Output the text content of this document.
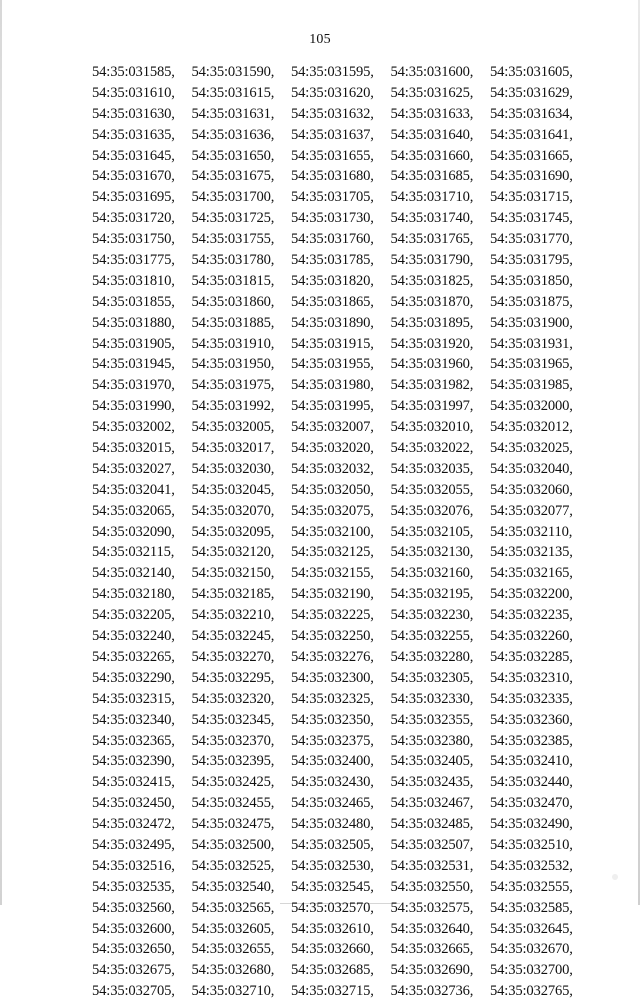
105
54:35:031585,	54:35:031590,	54:35:031595,	54:35:031600,	54:35:031605,
54:35:031610,	54:35:031615,	54:35:031620,	54:35:031625,	54:35:031629,
54:35:031630,	54:35:031631,	54:35:031632,	54:35:031633,	54:35:031634,
54:35:031635,	54:35:031636,	54:35:031637,	54:35:031640,	54:35:031641,
54:35:031645,	54:35:031650,	54:35:031655,	54:35:031660,	54:35:031665,
54:35:031670,	54:35:031675,	54:35:031680,	54:35:031685,	54:35:031690,
54:35:031695,	54:35:031700,	54:35:031705,	54:35:031710,	54:35:031715,
54:35:031720,	54:35:031725,	54:35:031730,	54:35:031740,	54:35:031745,
54:35:031750,	54:35:031755,	54:35:031760,	54:35:031765,	54:35:031770,
54:35:031775,	54:35:031780,	54:35:031785,	54:35:031790,	54:35:031795,
54:35:031810,	54:35:031815,	54:35:031820,	54:35:031825,	54:35:031850,
54:35:031855,	54:35:031860,	54:35:031865,	54:35:031870,	54:35:031875,
54:35:031880,	54:35:031885,	54:35:031890,	54:35:031895,	54:35:031900,
54:35:031905,	54:35:031910,	54:35:031915,	54:35:031920,	54:35:031931,
54:35:031945,	54:35:031950,	54:35:031955,	54:35:031960,	54:35:031965,
54:35:031970,	54:35:031975,	54:35:031980,	54:35:031982,	54:35:031985,
54:35:031990,	54:35:031992,	54:35:031995,	54:35:031997,	54:35:032000,
54:35:032002,	54:35:032005,	54:35:032007,	54:35:032010,	54:35:032012,
54:35:032015,	54:35:032017,	54:35:032020,	54:35:032022,	54:35:032025,
54:35:032027,	54:35:032030,	54:35:032032,	54:35:032035,	54:35:032040,
54:35:032041,	54:35:032045,	54:35:032050,	54:35:032055,	54:35:032060,
54:35:032065,	54:35:032070,	54:35:032075,	54:35:032076,	54:35:032077,
54:35:032090,	54:35:032095,	54:35:032100,	54:35:032105,	54:35:032110,
54:35:032115,	54:35:032120,	54:35:032125,	54:35:032130,	54:35:032135,
54:35:032140,	54:35:032150,	54:35:032155,	54:35:032160,	54:35:032165,
54:35:032180,	54:35:032185,	54:35:032190,	54:35:032195,	54:35:032200,
54:35:032205,	54:35:032210,	54:35:032225,	54:35:032230,	54:35:032235,
54:35:032240,	54:35:032245,	54:35:032250,	54:35:032255,	54:35:032260,
54:35:032265,	54:35:032270,	54:35:032276,	54:35:032280,	54:35:032285,
54:35:032290,	54:35:032295,	54:35:032300,	54:35:032305,	54:35:032310,
54:35:032315,	54:35:032320,	54:35:032325,	54:35:032330,	54:35:032335,
54:35:032340,	54:35:032345,	54:35:032350,	54:35:032355,	54:35:032360,
54:35:032365,	54:35:032370,	54:35:032375,	54:35:032380,	54:35:032385,
54:35:032390,	54:35:032395,	54:35:032400,	54:35:032405,	54:35:032410,
54:35:032415,	54:35:032425,	54:35:032430,	54:35:032435,	54:35:032440,
54:35:032450,	54:35:032455,	54:35:032465,	54:35:032467,	54:35:032470,
54:35:032472,	54:35:032475,	54:35:032480,	54:35:032485,	54:35:032490,
54:35:032495,	54:35:032500,	54:35:032505,	54:35:032507,	54:35:032510,
54:35:032516,	54:35:032525,	54:35:032530,	54:35:032531,	54:35:032532,
54:35:032535,	54:35:032540,	54:35:032545,	54:35:032550,	54:35:032555,
54:35:032560,	54:35:032565,	54:35:032570,	54:35:032575,	54:35:032585,
54:35:032600,	54:35:032605,	54:35:032610,	54:35:032640,	54:35:032645,
54:35:032650,	54:35:032655,	54:35:032660,	54:35:032665,	54:35:032670,
54:35:032675,	54:35:032680,	54:35:032685,	54:35:032690,	54:35:032700,
54:35:032705,	54:35:032710,	54:35:032715,	54:35:032736,	54:35:032765,
